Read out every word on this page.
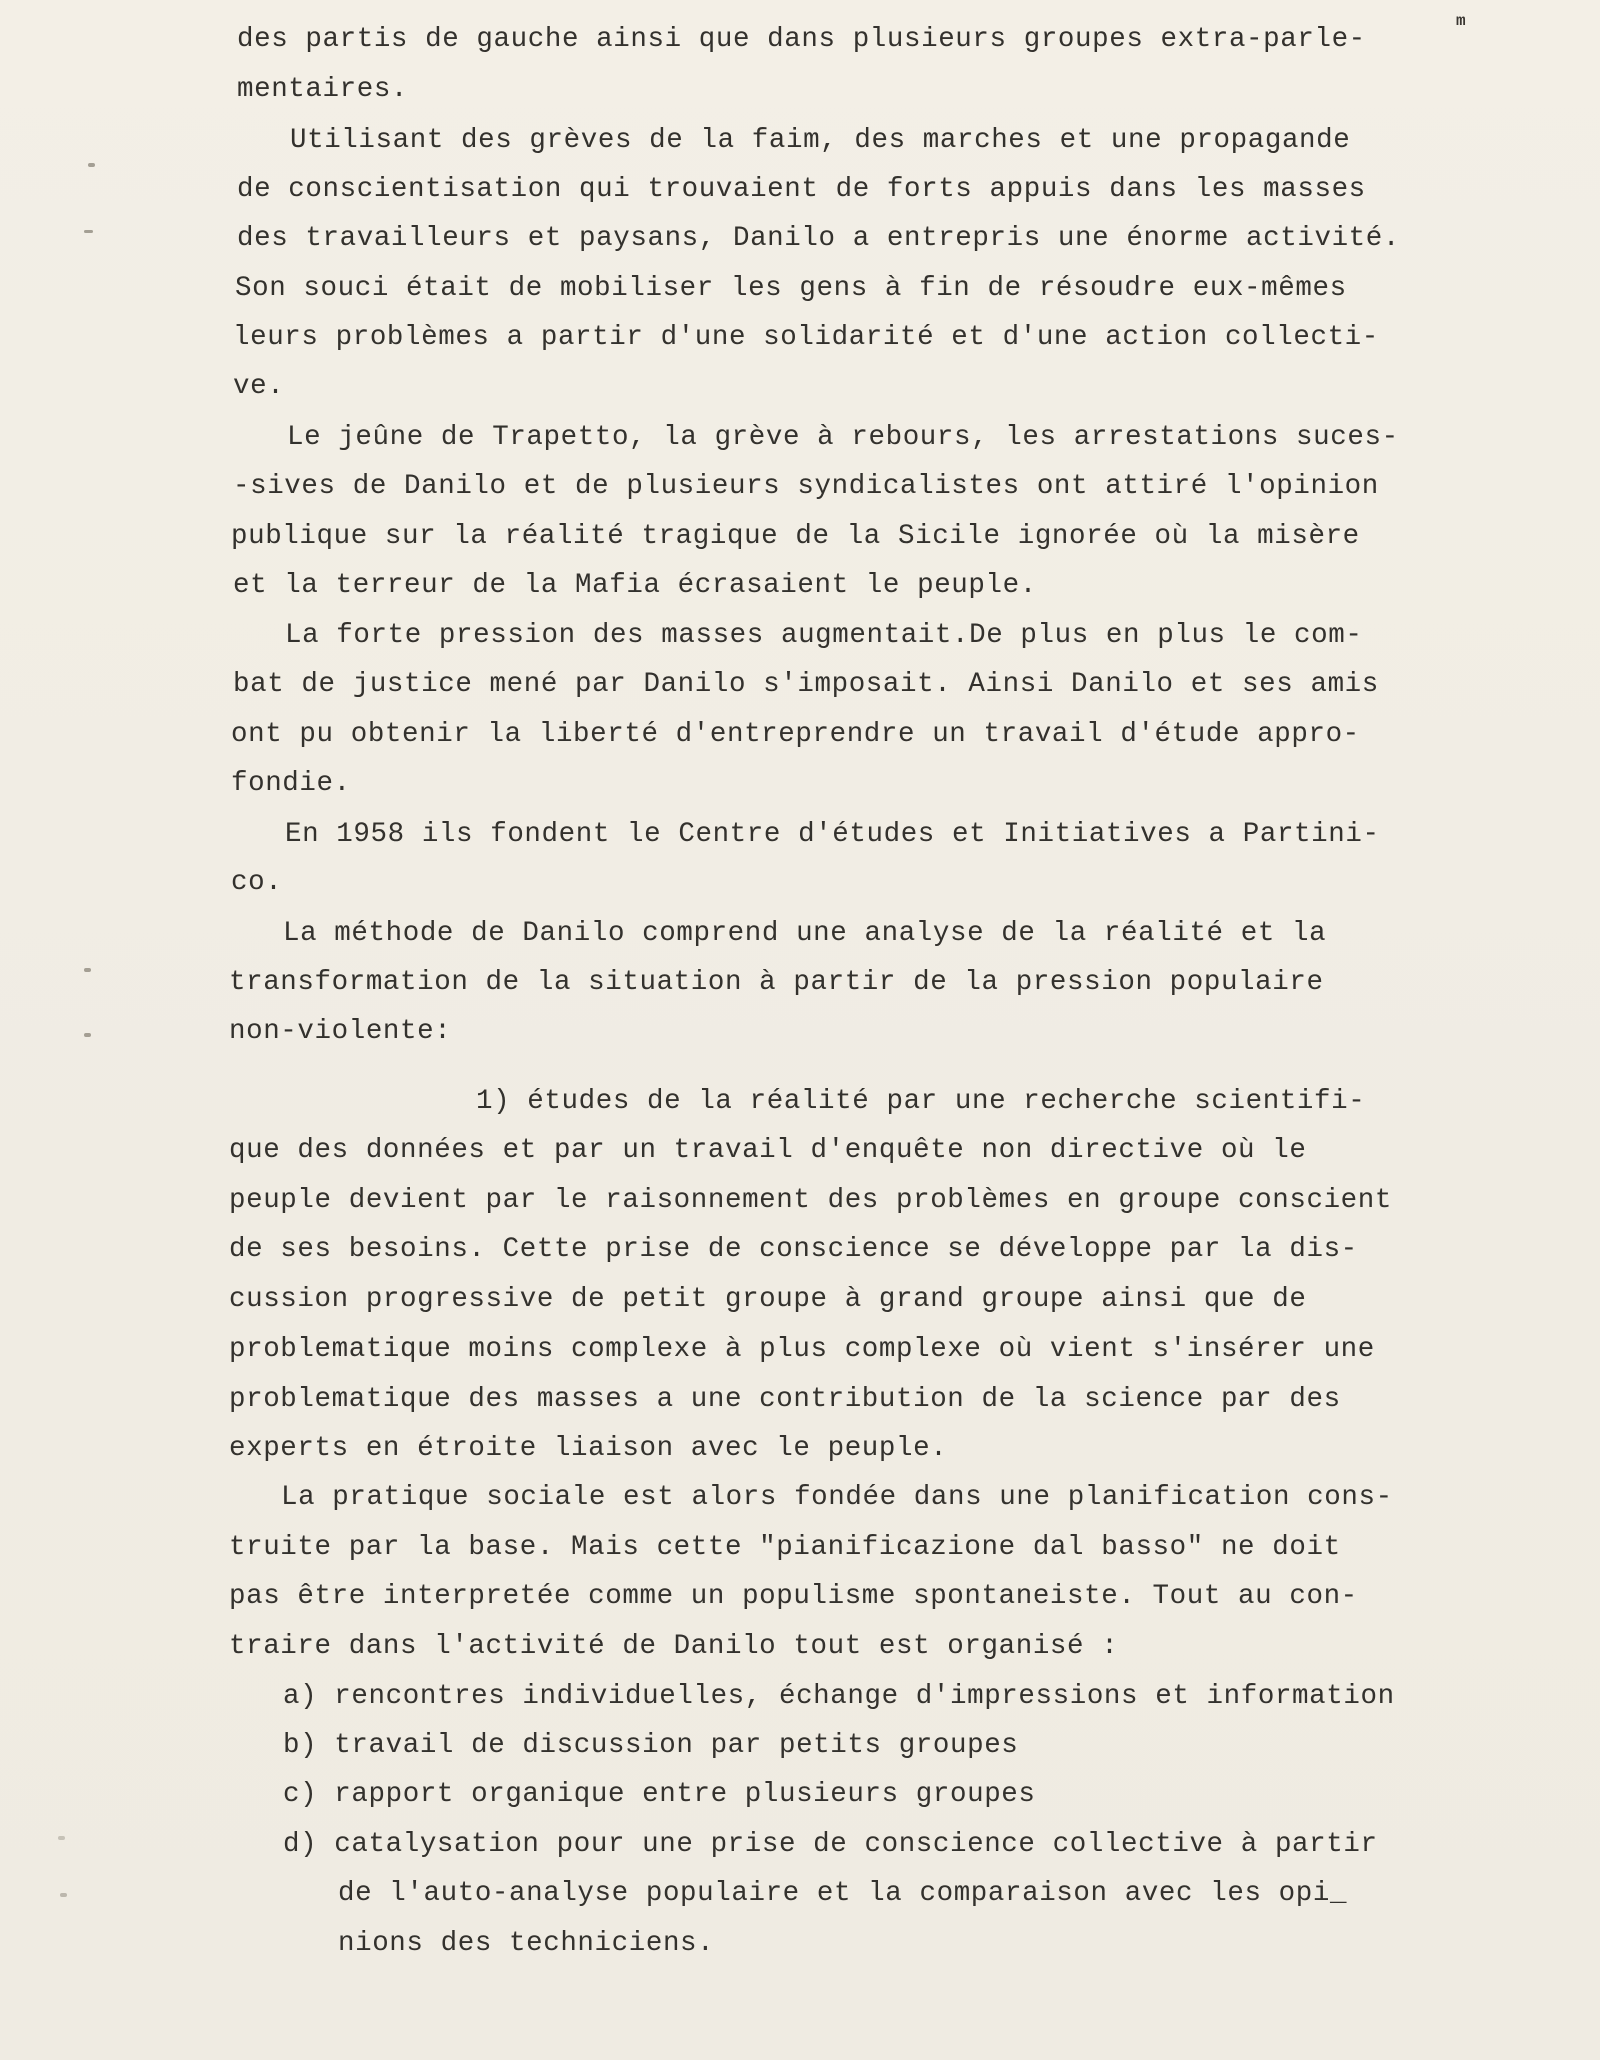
m
des partis de gauche ainsi que dans plusieurs groupes extra-parle-
mentaires.
Utilisant des grèves de la faim, des marches et une propagande
de conscientisation qui trouvaient de forts appuis dans les masses
des travailleurs et paysans, Danilo a entrepris une énorme activité.
Son souci était de mobiliser les gens à fin de résoudre eux-mêmes
leurs problèmes a partir d'une solidarité et d'une action collecti-
ve.
Le jeûne de Trapetto, la grève à rebours, les arrestations suces-
-sives de Danilo et de plusieurs syndicalistes ont attiré l'opinion
publique sur la réalité tragique de la Sicile ignorée où la misère
et la terreur de la Mafia écrasaient le peuple.
La forte pression des masses augmentait.De plus en plus le com-
bat de justice mené par Danilo s'imposait. Ainsi Danilo et ses amis
ont pu obtenir la liberté d'entreprendre un travail d'étude appro-
fondie.
En 1958 ils fondent le Centre d'études et Initiatives a Partini-
co.
La méthode de Danilo comprend une analyse de la réalité et la
transformation de la situation à partir de la pression populaire
non-violente:
1) études de la réalité par une recherche scientifi-
que des données et par un travail d'enquête non directive où le
peuple devient par le raisonnement des problèmes en groupe conscient
de ses besoins. Cette prise de conscience se développe par la dis-
cussion progressive de petit groupe à grand groupe ainsi que de
problematique moins complexe à plus complexe où vient s'insérer une
problematique des masses a une contribution de la science par des
experts en étroite liaison avec le peuple.
La pratique sociale est alors fondée dans une planification cons-
truite par la base. Mais cette "pianificazione dal basso" ne doit
pas être interpretée comme un populisme spontaneiste. Tout au con-
traire dans l'activité de Danilo tout est organisé :
a) rencontres individuelles, échange d'impressions et information
b) travail de discussion par petits groupes
c) rapport organique entre plusieurs groupes
d) catalysation pour une prise de conscience collective à partir
de l'auto-analyse populaire et la comparaison avec les opi_
nions des techniciens.
